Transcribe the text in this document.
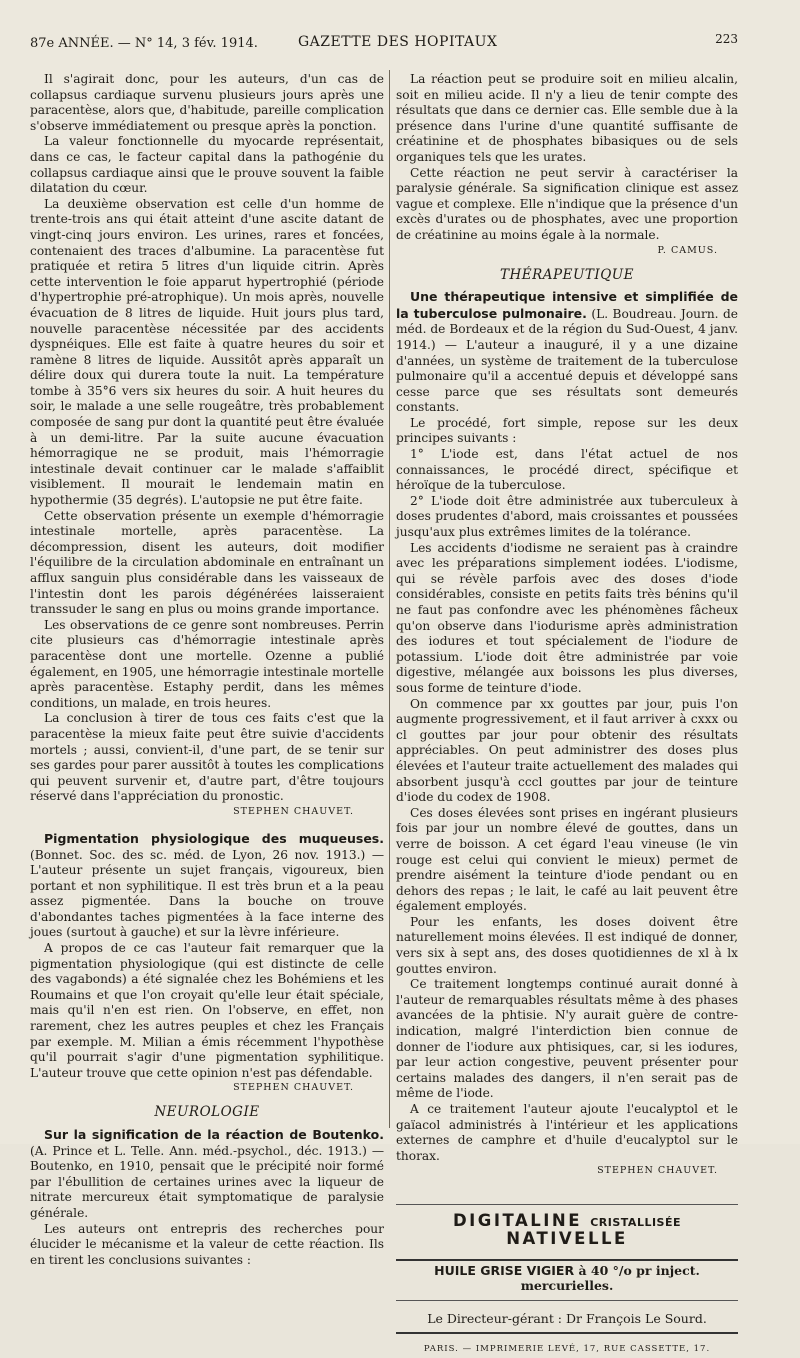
87e ANNÉE. — N° 14, 3 fév. 1914.	GAZETTE DES HOPITAUX	223

Il s'agirait donc, pour les auteurs, d'un cas de collapsus cardiaque survenu plusieurs jours après une paracentèse, alors que, d'habitude, pareille complication s'observe immédiatement ou presque après la ponction.

La valeur fonctionnelle du myocarde représentait, dans ce cas, le facteur capital dans la pathogénie du collapsus cardiaque ainsi que le prouve souvent la faible dilatation du cœur.

La deuxième observation est celle d'un homme de trente-trois ans qui était atteint d'une ascite datant de vingt-cinq jours environ. Les urines, rares et foncées, contenaient des traces d'albumine. La paracentèse fut pratiquée et retira 5 litres d'un liquide citrin. Après cette intervention le foie apparut hypertrophié (période d'hypertrophie pré-atrophique). Un mois après, nouvelle évacuation de 8 litres de liquide. Huit jours plus tard, nouvelle paracentèse nécessitée par des accidents dyspnéiques. Elle est faite à quatre heures du soir et ramène 8 litres de liquide. Aussitôt après apparaît un délire doux qui durera toute la nuit. La température tombe à 35°6 vers six heures du soir. A huit heures du soir, le malade a une selle rougeâtre, très probablement composée de sang pur dont la quantité peut être évaluée à un demi-litre. Par la suite aucune évacuation hémorragique ne se produit, mais l'hémorragie intestinale devait continuer car le malade s'affaiblit visiblement. Il mourait le lendemain matin en hypothermie (35 degrés). L'autopsie ne put être faite.

Cette observation présente un exemple d'hémorragie intestinale mortelle, après paracentèse. La décompression, disent les auteurs, doit modifier l'équilibre de la circulation abdominale en entraînant un afflux sanguin plus considérable dans les vaisseaux de l'intestin dont les parois dégénérées laisseraient transsuder le sang en plus ou moins grande importance.

Les observations de ce genre sont nombreuses. Perrin cite plusieurs cas d'hémorragie intestinale après paracentèse dont une mortelle. Ozenne a publié également, en 1905, une hémorragie intestinale mortelle après paracentèse. Estaphy perdit, dans les mêmes conditions, un malade, en trois heures.

La conclusion à tirer de tous ces faits c'est que la paracentèse la mieux faite peut être suivie d'accidents mortels ; aussi, convient-il, d'une part, de se tenir sur ses gardes pour parer aussitôt à toutes les complications qui peuvent survenir et, d'autre part, d'être toujours réservé dans l'appréciation du pronostic.

STEPHEN CHAUVET.

Pigmentation physiologique des muqueuses. (Bonnet. Soc. des sc. méd. de Lyon, 26 nov. 1913.) — L'auteur présente un sujet français, vigoureux, bien portant et non syphilitique. Il est très brun et a la peau assez pigmentée. Dans la bouche on trouve d'abondantes taches pigmentées à la face interne des joues (surtout à gauche) et sur la lèvre inférieure.

A propos de ce cas l'auteur fait remarquer que la pigmentation physiologique (qui est distincte de celle des vagabonds) a été signalée chez les Bohémiens et les Roumains et que l'on croyait qu'elle leur était spéciale, mais qu'il n'en est rien. On l'observe, en effet, non rarement, chez les autres peuples et chez les Français par exemple. M. Milian a émis récemment l'hypothèse qu'il pourrait s'agir d'une pigmentation syphilitique. L'auteur trouve que cette opinion n'est pas défendable.

STEPHEN CHAUVET.
NEUROLOGIE

Sur la signification de la réaction de Boutenko. (A. Prince et L. Telle. Ann. méd.-psychol., déc. 1913.) — Boutenko, en 1910, pensait que le précipité noir formé par l'ébullition de certaines urines avec la liqueur de nitrate mercureux était symptomatique de paralysie générale.

Les auteurs ont entrepris des recherches pour élucider le mécanisme et la valeur de cette réaction. Ils en tirent les conclusions suivantes :

La réaction peut se produire soit en milieu alcalin, soit en milieu acide. Il n'y a lieu de tenir compte des résultats que dans ce dernier cas. Elle semble due à la présence dans l'urine d'une quantité suffisante de créatinine et de phosphates bibasiques ou de sels organiques tels que les urates.

Cette réaction ne peut servir à caractériser la paralysie générale. Sa signification clinique est assez vague et complexe. Elle n'indique que la présence d'un excès d'urates ou de phosphates, avec une proportion de créatinine au moins égale à la normale.

P. CAMUS.
THÉRAPEUTIQUE

Une thérapeutique intensive et simplifiée de la tuberculose pulmonaire. (L. Boudreau. Journ. de méd. de Bordeaux et de la région du Sud-Ouest, 4 janv. 1914.) — L'auteur a inauguré, il y a une dizaine d'années, un système de traitement de la tuberculose pulmonaire qu'il a accentué depuis et développé sans cesse parce que ses résultats sont demeurés constants.

Le procédé, fort simple, repose sur les deux principes suivants :

1° L'iode est, dans l'état actuel de nos connaissances, le procédé direct, spécifique et héroïque de la tuberculose.

2° L'iode doit être administrée aux tuberculeux à doses prudentes d'abord, mais croissantes et poussées jusqu'aux plus extrêmes limites de la tolérance.

Les accidents d'iodisme ne seraient pas à craindre avec les préparations simplement iodées. L'iodisme, qui se révèle parfois avec des doses d'iode considérables, consiste en petits faits très bénins qu'il ne faut pas confondre avec les phénomènes fâcheux qu'on observe dans l'iodurisme après administration des iodures et tout spécialement de l'iodure de potassium. L'iode doit être administrée par voie digestive, mélangée aux boissons les plus diverses, sous forme de teinture d'iode.

On commence par xx gouttes par jour, puis l'on augmente progressivement, et il faut arriver à cxxx ou cl gouttes par jour pour obtenir des résultats appréciables. On peut administrer des doses plus élevées et l'auteur traite actuellement des malades qui absorbent jusqu'à cccl gouttes par jour de teinture d'iode du codex de 1908.

Ces doses élevées sont prises en ingérant plusieurs fois par jour un nombre élevé de gouttes, dans un verre de boisson. A cet égard l'eau vineuse (le vin rouge est celui qui convient le mieux) permet de prendre aisément la teinture d'iode pendant ou en dehors des repas ; le lait, le café au lait peuvent être également employés.

Pour les enfants, les doses doivent être naturellement moins élevées. Il est indiqué de donner, vers six à sept ans, des doses quotidiennes de xl à lx gouttes environ.

Ce traitement longtemps continué aurait donné à l'auteur de remarquables résultats même à des phases avancées de la phtisie. N'y aurait guère de contre-indication, malgré l'interdiction bien connue de donner de l'iodure aux phtisiques, car, si les iodures, par leur action congestive, peuvent présenter pour certains malades des dangers, il n'en serait pas de même de l'iode.

A ce traitement l'auteur ajoute l'eucalyptol et le gaïacol administrés à l'intérieur et les applications externes de camphre et d'huile d'eucalyptol sur le thorax.

STEPHEN CHAUVET.
DIGITALINE CRISTALLISÉE NATIVELLE
HUILE GRISE VIGIER à 40 °/o pr inject. mercurielles.
Le Directeur-gérant : Dr François Le Sourd.
PARIS. — IMPRIMERIE LEVÉ, 17, RUE CASSETTE, 17.
